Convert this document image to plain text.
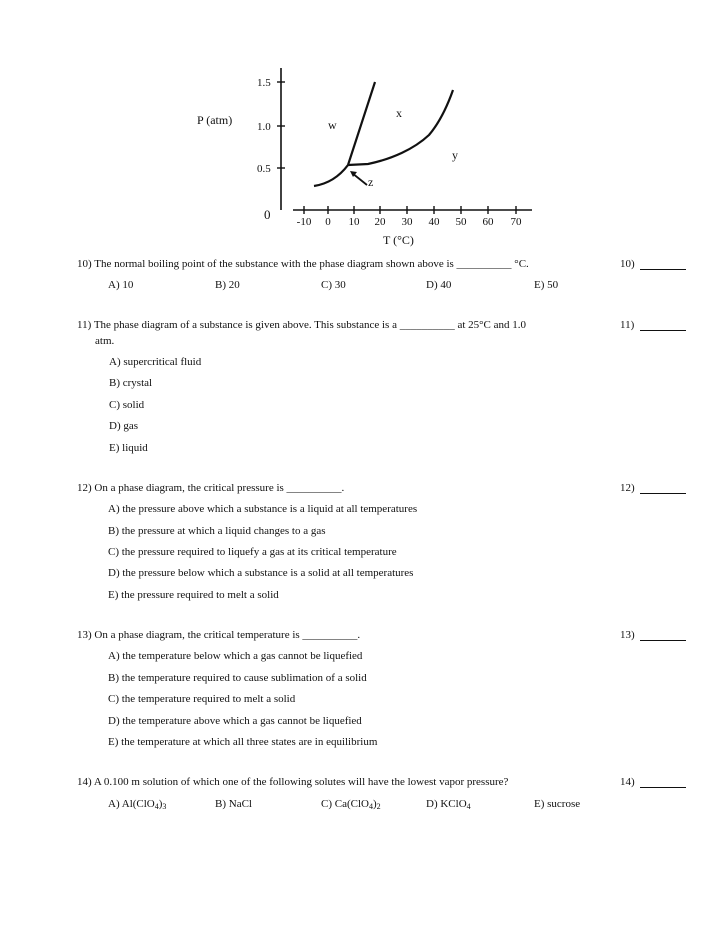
1.5
1.0
0.5
0
P (atm)
-10 0 10 20 30 40 50 60 70
T (°C)
w
x
y
z
10) The normal boiling point of the substance with the phase diagram shown above is __________ °C.	10)
A) 10	B) 20	C) 30	D) 40	E) 50
11) The phase diagram of a substance is given above. This substance is a __________ at 25°C and 1.0
atm.
11)
A) supercritical fluid
B) crystal
C) solid
D) gas
E) liquid
12) On a phase diagram, the critical pressure is __________.	12)
A) the pressure above which a substance is a liquid at all temperatures
B) the pressure at which a liquid changes to a gas
C) the pressure required to liquefy a gas at its critical temperature
D) the pressure below which a substance is a solid at all temperatures
E) the pressure required to melt a solid
13) On a phase diagram, the critical temperature is __________.	13)
A) the temperature below which a gas cannot be liquefied
B) the temperature required to cause sublimation of a solid
C) the temperature required to melt a solid
D) the temperature above which a gas cannot be liquefied
E) the temperature at which all three states are in equilibrium
14) A 0.100 m solution of which one of the following solutes will have the lowest vapor pressure?	14)
A) $Al(ClO_4)_3$	B) NaCl	C) $Ca(ClO_4)_2$	D) KClO$_4$	E) sucrose
